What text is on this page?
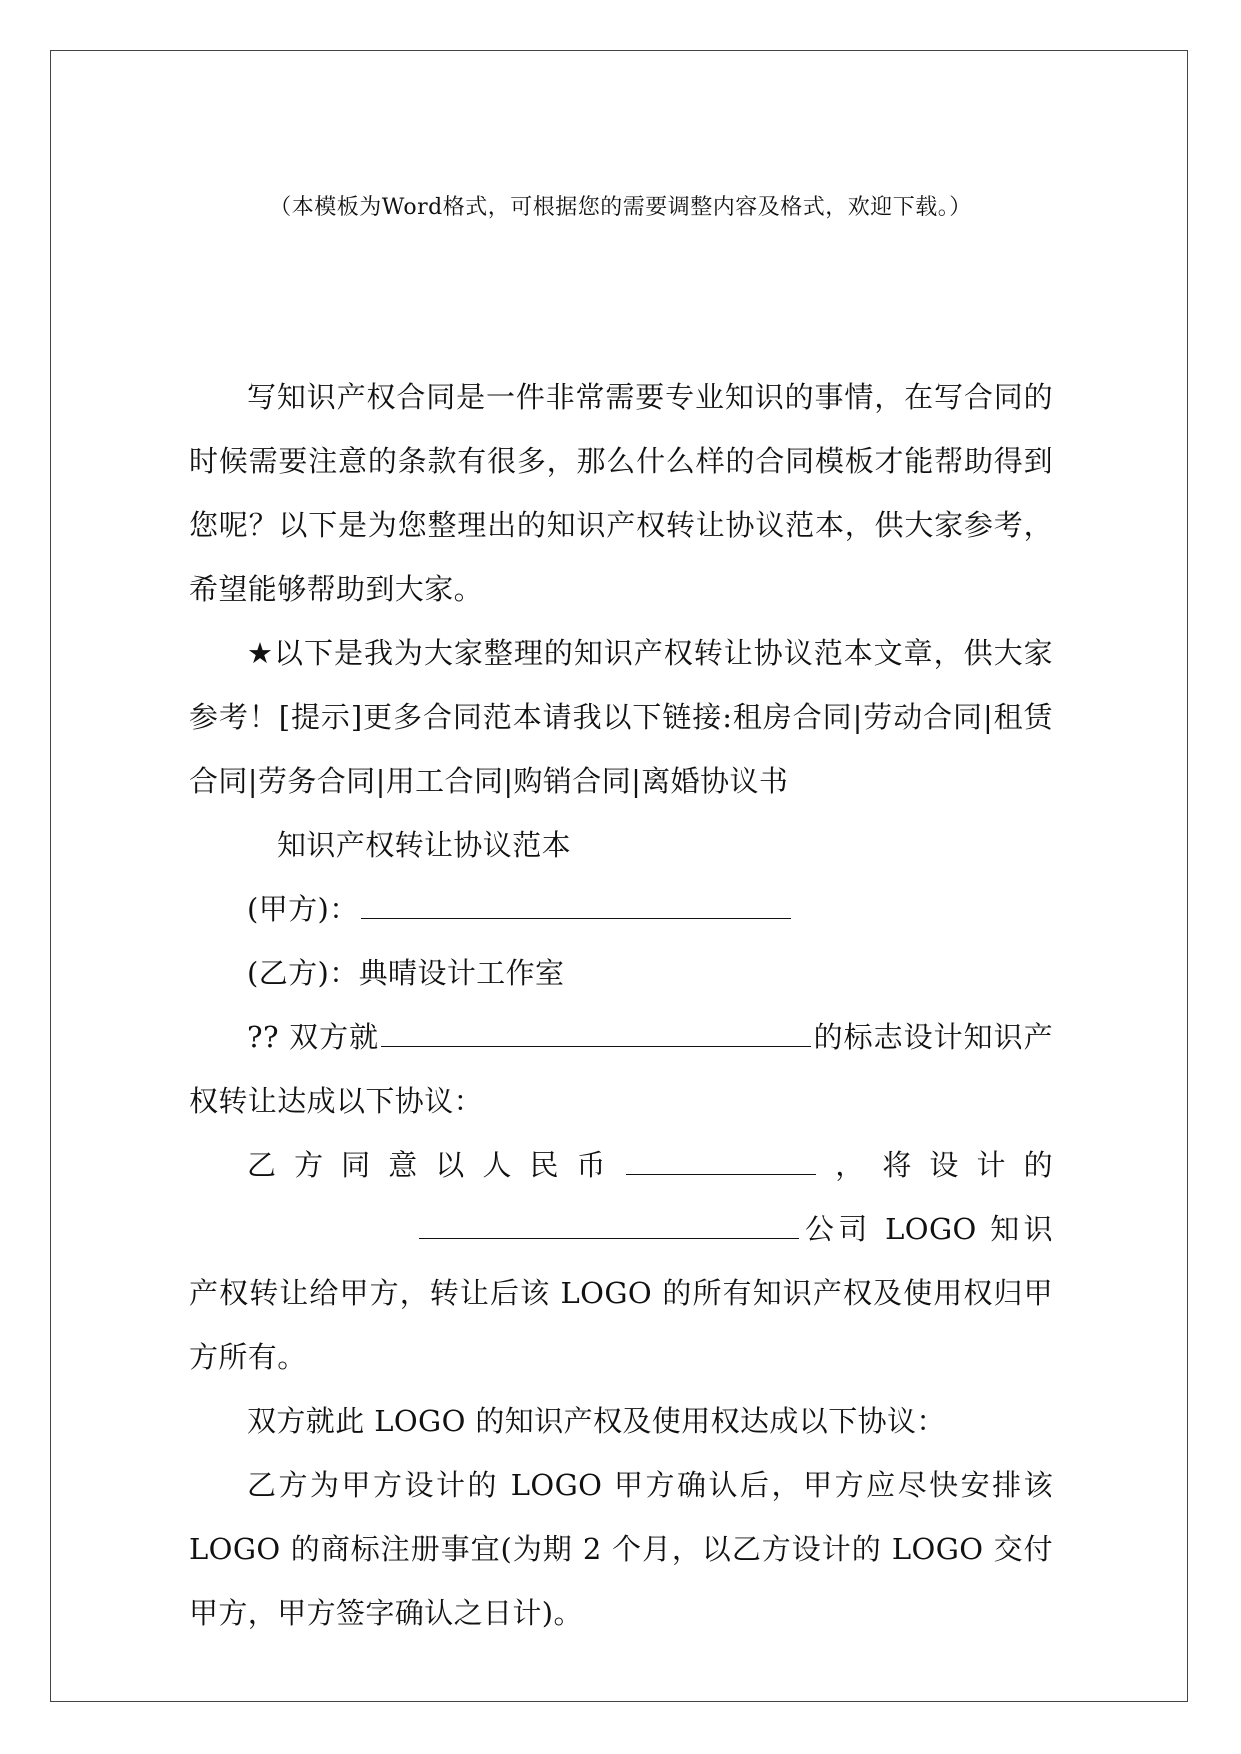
（本模板为Word格式，可根据您的需要调整内容及格式，欢迎下载。）

写知识产权合同是一件非常需要专业知识的事情，在写合同的时候需要注意的条款有很多，那么什么样的合同模板才能帮助得到您呢？以下是为您整理出的知识产权转让协议范本，供大家参考，希望能够帮助到大家。

★以下是我为大家整理的知识产权转让协议范本文章，供大家参考！[提示]更多合同范本请我以下链接:租房合同|劳动合同|租赁合同|劳务合同|用工合同|购销合同|离婚协议书

知识产权转让协议范本

(甲方)：

(乙方)：典晴设计工作室

?? 双方就	的标志设计知识产权转让达成以下协议：

乙方同意以人民币	，将设计的公司 LOGO 知识产权转让给甲方，转让后该 LOGO 的所有知识产权及使用权归甲方所有。

双方就此 LOGO 的知识产权及使用权达成以下协议：

乙方为甲方设计的 LOGO 甲方确认后，甲方应尽快安排该 LOGO 的商标注册事宜(为期 2 个月，以乙方设计的 LOGO 交付甲方，甲方签字确认之日计)。
